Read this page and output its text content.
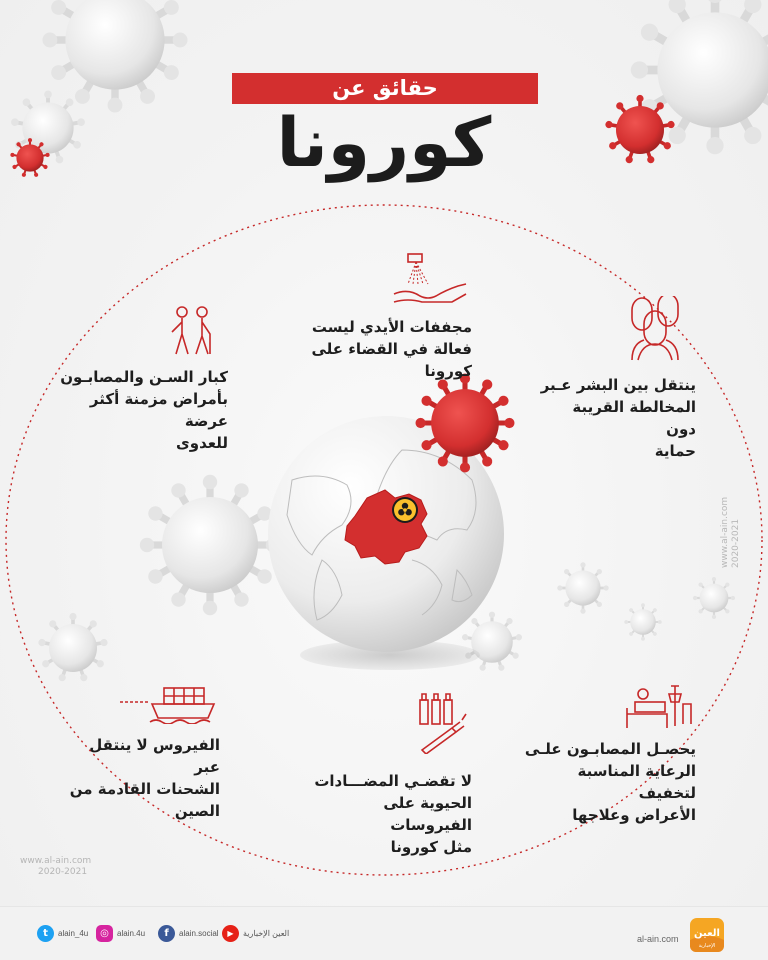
حقائق عن
كورونا
مجففات الأيدي ليست
فعالة في القضاء على
كورونا
كبار السـن والمصابـون
بأمراض مزمنة أكثر عرضة
للعدوى
ينتقل بين البشر عـبر
المخالطة القريبة دون
حماية
الفيروس لا ينتقل عبر
الشحنات القادمة من
الصين
لا تقضـي المضـــادات
الحيوية على الفيروسات
مثل كورونا
يحصـل المصابـون علـى
الرعاية المناسبة لتخفيف
الأعراض وعلاجها
www.al-ain.com 2020-2021
www.al-ain.com
2020-2021
t	alain_4u	◎	alain.4u	f	alain.social	▶	العين الإخبارية
al-ain.com العين
الإخبارية
